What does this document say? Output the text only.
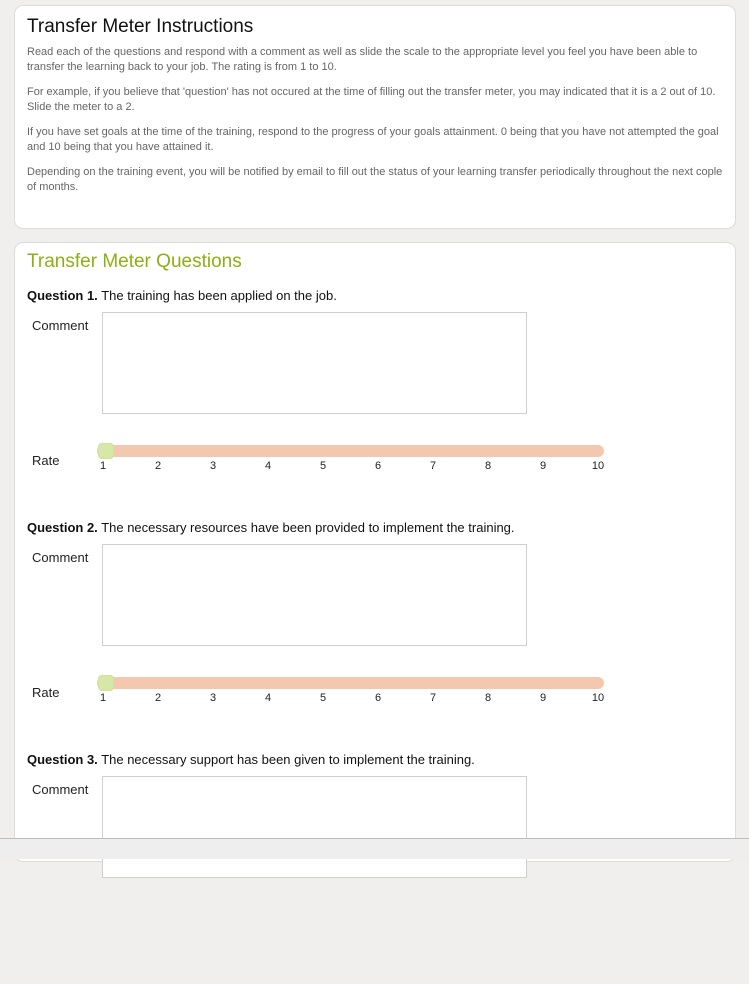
Transfer Meter Instructions

Read each of the questions and respond with a comment as well as slide the scale to the appropriate level you feel you have been able to transfer the learning back to your job. The rating is from 1 to 10.

For example, if you believe that 'question' has not occured at the time of filling out the transfer meter, you may indicated that it is a 2 out of 10. Slide the meter to a 2.

If you have set goals at the time of the training, respond to the progress of your goals attainment. 0 being that you have not attempted the goal and 10 being that you have attained it.

Depending on the training event, you will be notified by email to fill out the status of your learning transfer periodically throughout the next cople of months.

Transfer Meter Questions

Question 1. The training has been applied on the job.

Comment
Rate	1	2	3	4	5	6	7	8	9	10

Question 2. The necessary resources have been provided to implement the training.

Comment
Rate	1	2	3	4	5	6	7	8	9	10

Question 3. The necessary support has been given to implement the training.

Comment
